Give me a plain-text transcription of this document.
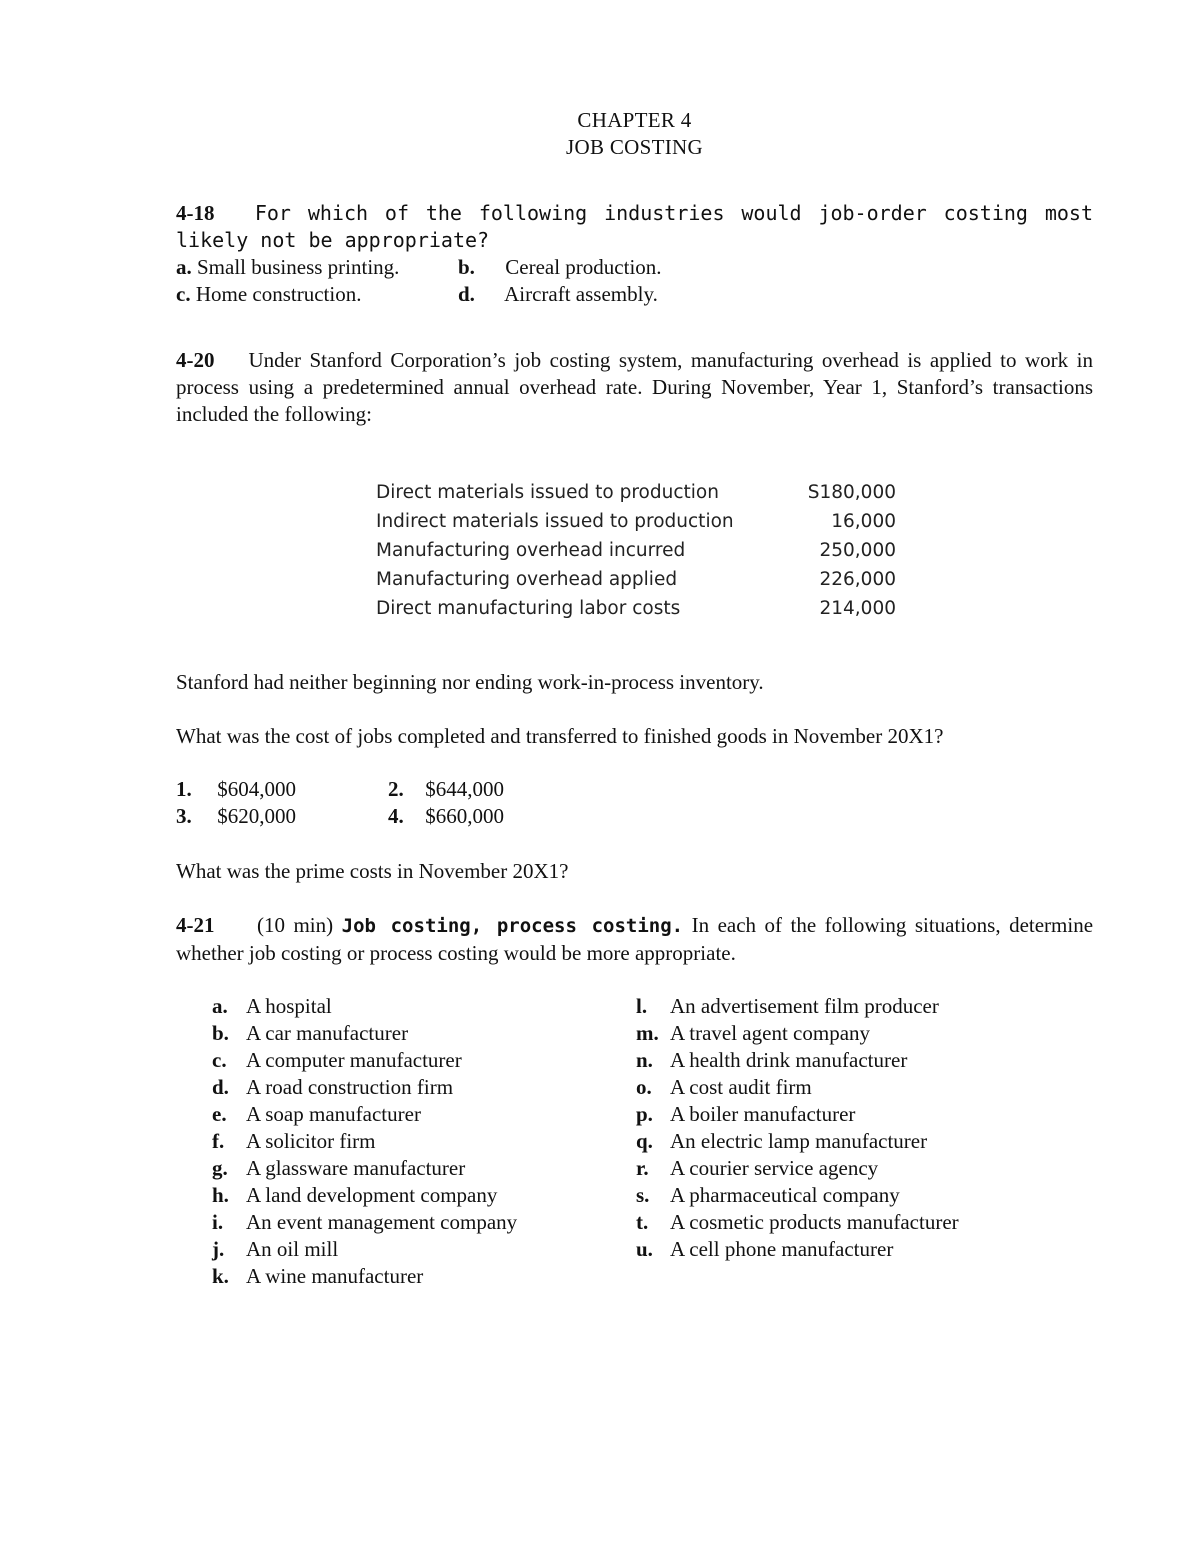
CHAPTER 4
JOB COSTING
4-18 For which of the following industries would job-order costing most likely not be appropriate?
a. Small business printing.	b. Cereal production.
c. Home construction.	d. Aircraft assembly.
4-20 Under Stanford Corporation’s job costing system, manufacturing overhead is applied to work in process using a predetermined annual overhead rate. During November, Year 1, Stanford’s transactions included the following:
Direct materials issued to production	S180,000
Indirect materials issued to production	16,000
Manufacturing overhead incurred	250,000
Manufacturing overhead applied	226,000
Direct manufacturing labor costs	214,000
Stanford had neither beginning nor ending work-in-process inventory.
What was the cost of jobs completed and transferred to finished goods in November 20X1?
1. $604,000	2. $644,000
3. $620,000	4. $660,000
What was the prime costs in November 20X1?
4-21 (10 min) Job costing, process costing. In each of the following situations, determine whether job costing or process costing would be more appropriate.
a. A hospital
b. A car manufacturer
c. A computer manufacturer
d. A road construction firm
e. A soap manufacturer
f. A solicitor firm
g. A glassware manufacturer
h. A land development company
i. An event management company
j. An oil mill
k. A wine manufacturer
l. An advertisement film producer
m. A travel agent company
n. A health drink manufacturer
o. A cost audit firm
p. A boiler manufacturer
q. An electric lamp manufacturer
r. A courier service agency
s. A pharmaceutical company
t. A cosmetic products manufacturer
u. A cell phone manufacturer
